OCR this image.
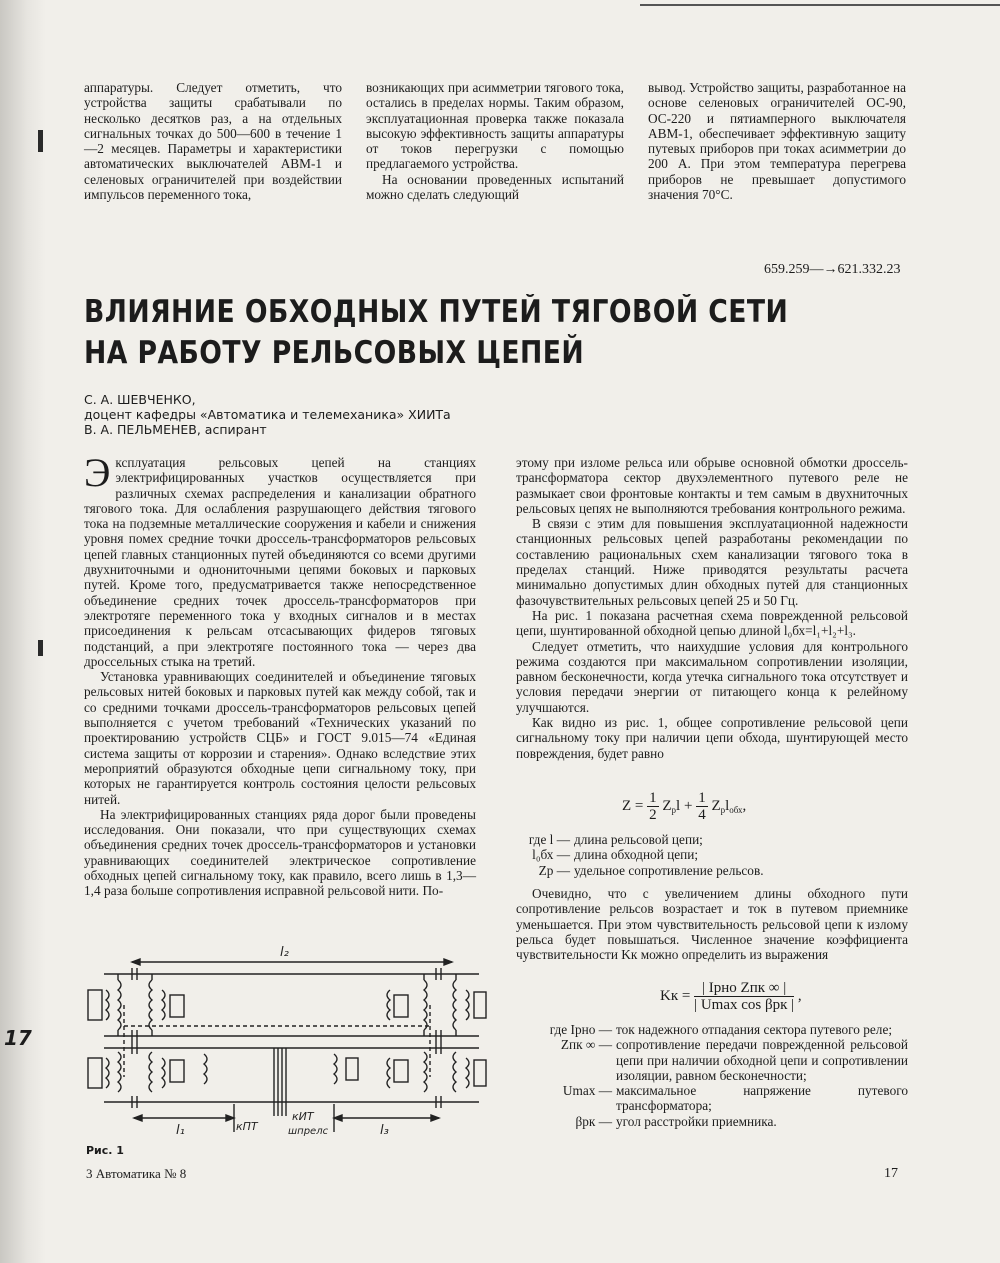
аппаратуры. Следует отметить, что устройства защиты срабатывали по несколько десятков раз, а на отдельных сигнальных точках до 500—600 в течение 1—2 месяцев. Параметры и характеристики автоматических выключателей АВМ-1 и селеновых ограничителей при воздействии импульсов переменного тока,

возникающих при асимметрии тягового тока, остались в пределах нормы. Таким образом, эксплуатационная проверка также показала высокую эффективность защиты аппаратуры от токов перегрузки с помощью предлагаемого устройства.

На основании проведенных испытаний можно сделать следующий

вывод. Устройство защиты, разработанное на основе селеновых ограничителей ОС-90, ОС-220 и пятиамперного выключателя АВМ-1, обеспечивает эффективную защиту путевых приборов при токах асимметрии до 200 А. При этом температура перегрева приборов не превышает допустимого значения 70°С.

659.259—→621.332.23
ВЛИЯНИЕ ОБХОДНЫХ ПУТЕЙ ТЯГОВОЙ СЕТИ
НА РАБОТУ РЕЛЬСОВЫХ ЦЕПЕЙ
С. А. ШЕВЧЕНКО,
доцент кафедры «Автоматика и телемеханика» ХИИТа
В. А. ПЕЛЬМЕНЕВ, аспирант

Эксплуатация рельсовых цепей на станциях электрифицированных участков осуществляется при различных схемах распределения и канализации обратного тягового тока. Для ослабления разрушающего действия тягового тока на подземные металлические сооружения и кабели и снижения уровня помех средние точки дроссель-трансформаторов рельсовых цепей главных станционных путей объединяются со всеми другими двухниточными и однониточными цепями боковых и парковых путей. Кроме того, предусматривается также непосредственное объединение средних точек дроссель-трансформаторов при электротяге переменного тока у входных сигналов и в местах присоединения к рельсам отсасывающих фидеров тяговых подстанций, а при электротяге постоянного тока — через два дроссельных стыка на третий.

Установка уравнивающих соединителей и объединение тяговых рельсовых нитей боковых и парковых путей как между собой, так и со средними точками дроссель-трансформаторов рельсовых цепей выполняется с учетом требований «Технических указаний по проектированию устройств СЦБ» и ГОСТ 9.015—74 «Единая система защиты от коррозии и старения». Однако вследствие этих мероприятий образуются обходные цепи сигнальному току, при которых не гарантируется контроль состояния целости рельсовых нитей.

На электрифицированных станциях ряда дорог были проведены исследования. Они показали, что при существующих схемах объединения средних точек дроссель-трансформаторов и установки уравнивающих соединителей электрическое сопротивление обходных цепей сигнальному току, как правило, всего лишь в 1,3—1,4 раза больше сопротивления исправной рельсовой нити. По-

этому при изломе рельса или обрыве основной обмотки дроссель-трансформатора сектор двухэлементного путевого реле не размыкает свои фронтовые контакты и тем самым в двухниточных рельсовых цепях не выполняются требования контрольного режима.

В связи с этим для повышения эксплуатационной надежности станционных рельсовых цепей разработаны рекомендации по составлению рациональных схем канализации тягового тока в пределах станций. Ниже приводятся результаты расчета минимально допустимых длин обходных путей для станционных фазочувствительных рельсовых цепей 25 и 50 Гц.

На рис. 1 показана расчетная схема поврежденной рельсовой цепи, шунтированной обходной цепью длиной l₀бх=l₁+l₂+l₃.

Следует отметить, что наихудшие условия для контрольного режима создаются при максимальном сопротивлении изоляции, равном бесконечности, когда утечка сигнального тока отсутствует и условия передачи энергии от питающего конца к релейному улучшаются.

Как видно из рис. 1, общее сопротивление рельсовой цепи сигнальному току при наличии цепи обхода, шунтирующей место повреждения, будет равно

$Z = \frac{1}{2} Z_pl + \frac{1}{4} Z_pl_{обх}$,
где l — длина рельсовой цепи;
l₀бх — длина обходной цепи;
Zр — удельное сопротивление рельсов.

Очевидно, что с увеличением длины обходного пути сопротивление рельсов возрастает и ток в путевом приемнике уменьшается. При этом чувствительность рельсовой цепи к излому рельса будет повышаться. Численное значение коэффициента чувствительности Kк можно определить из выражения

Kк = $\frac{\text{| Iрно Zпк ∞ |}}{\text{| Umax cos βрк |}}$ ,
где Iрно — ток надежного отпадания сектора путевого реле;
Zпк ∞ — сопротивление передачи поврежденной рельсовой цепи при наличии обходной цепи и сопротивлении изоляции, равном бесконечности;
Umax — максимальное напряжение путевого трансформатора;
βрк — угол расстройки приемника.
l₂
l₁	кПТ
кИТ
шпрелс	l₃
Рис. 1
3 Автоматика № 8	17
17
